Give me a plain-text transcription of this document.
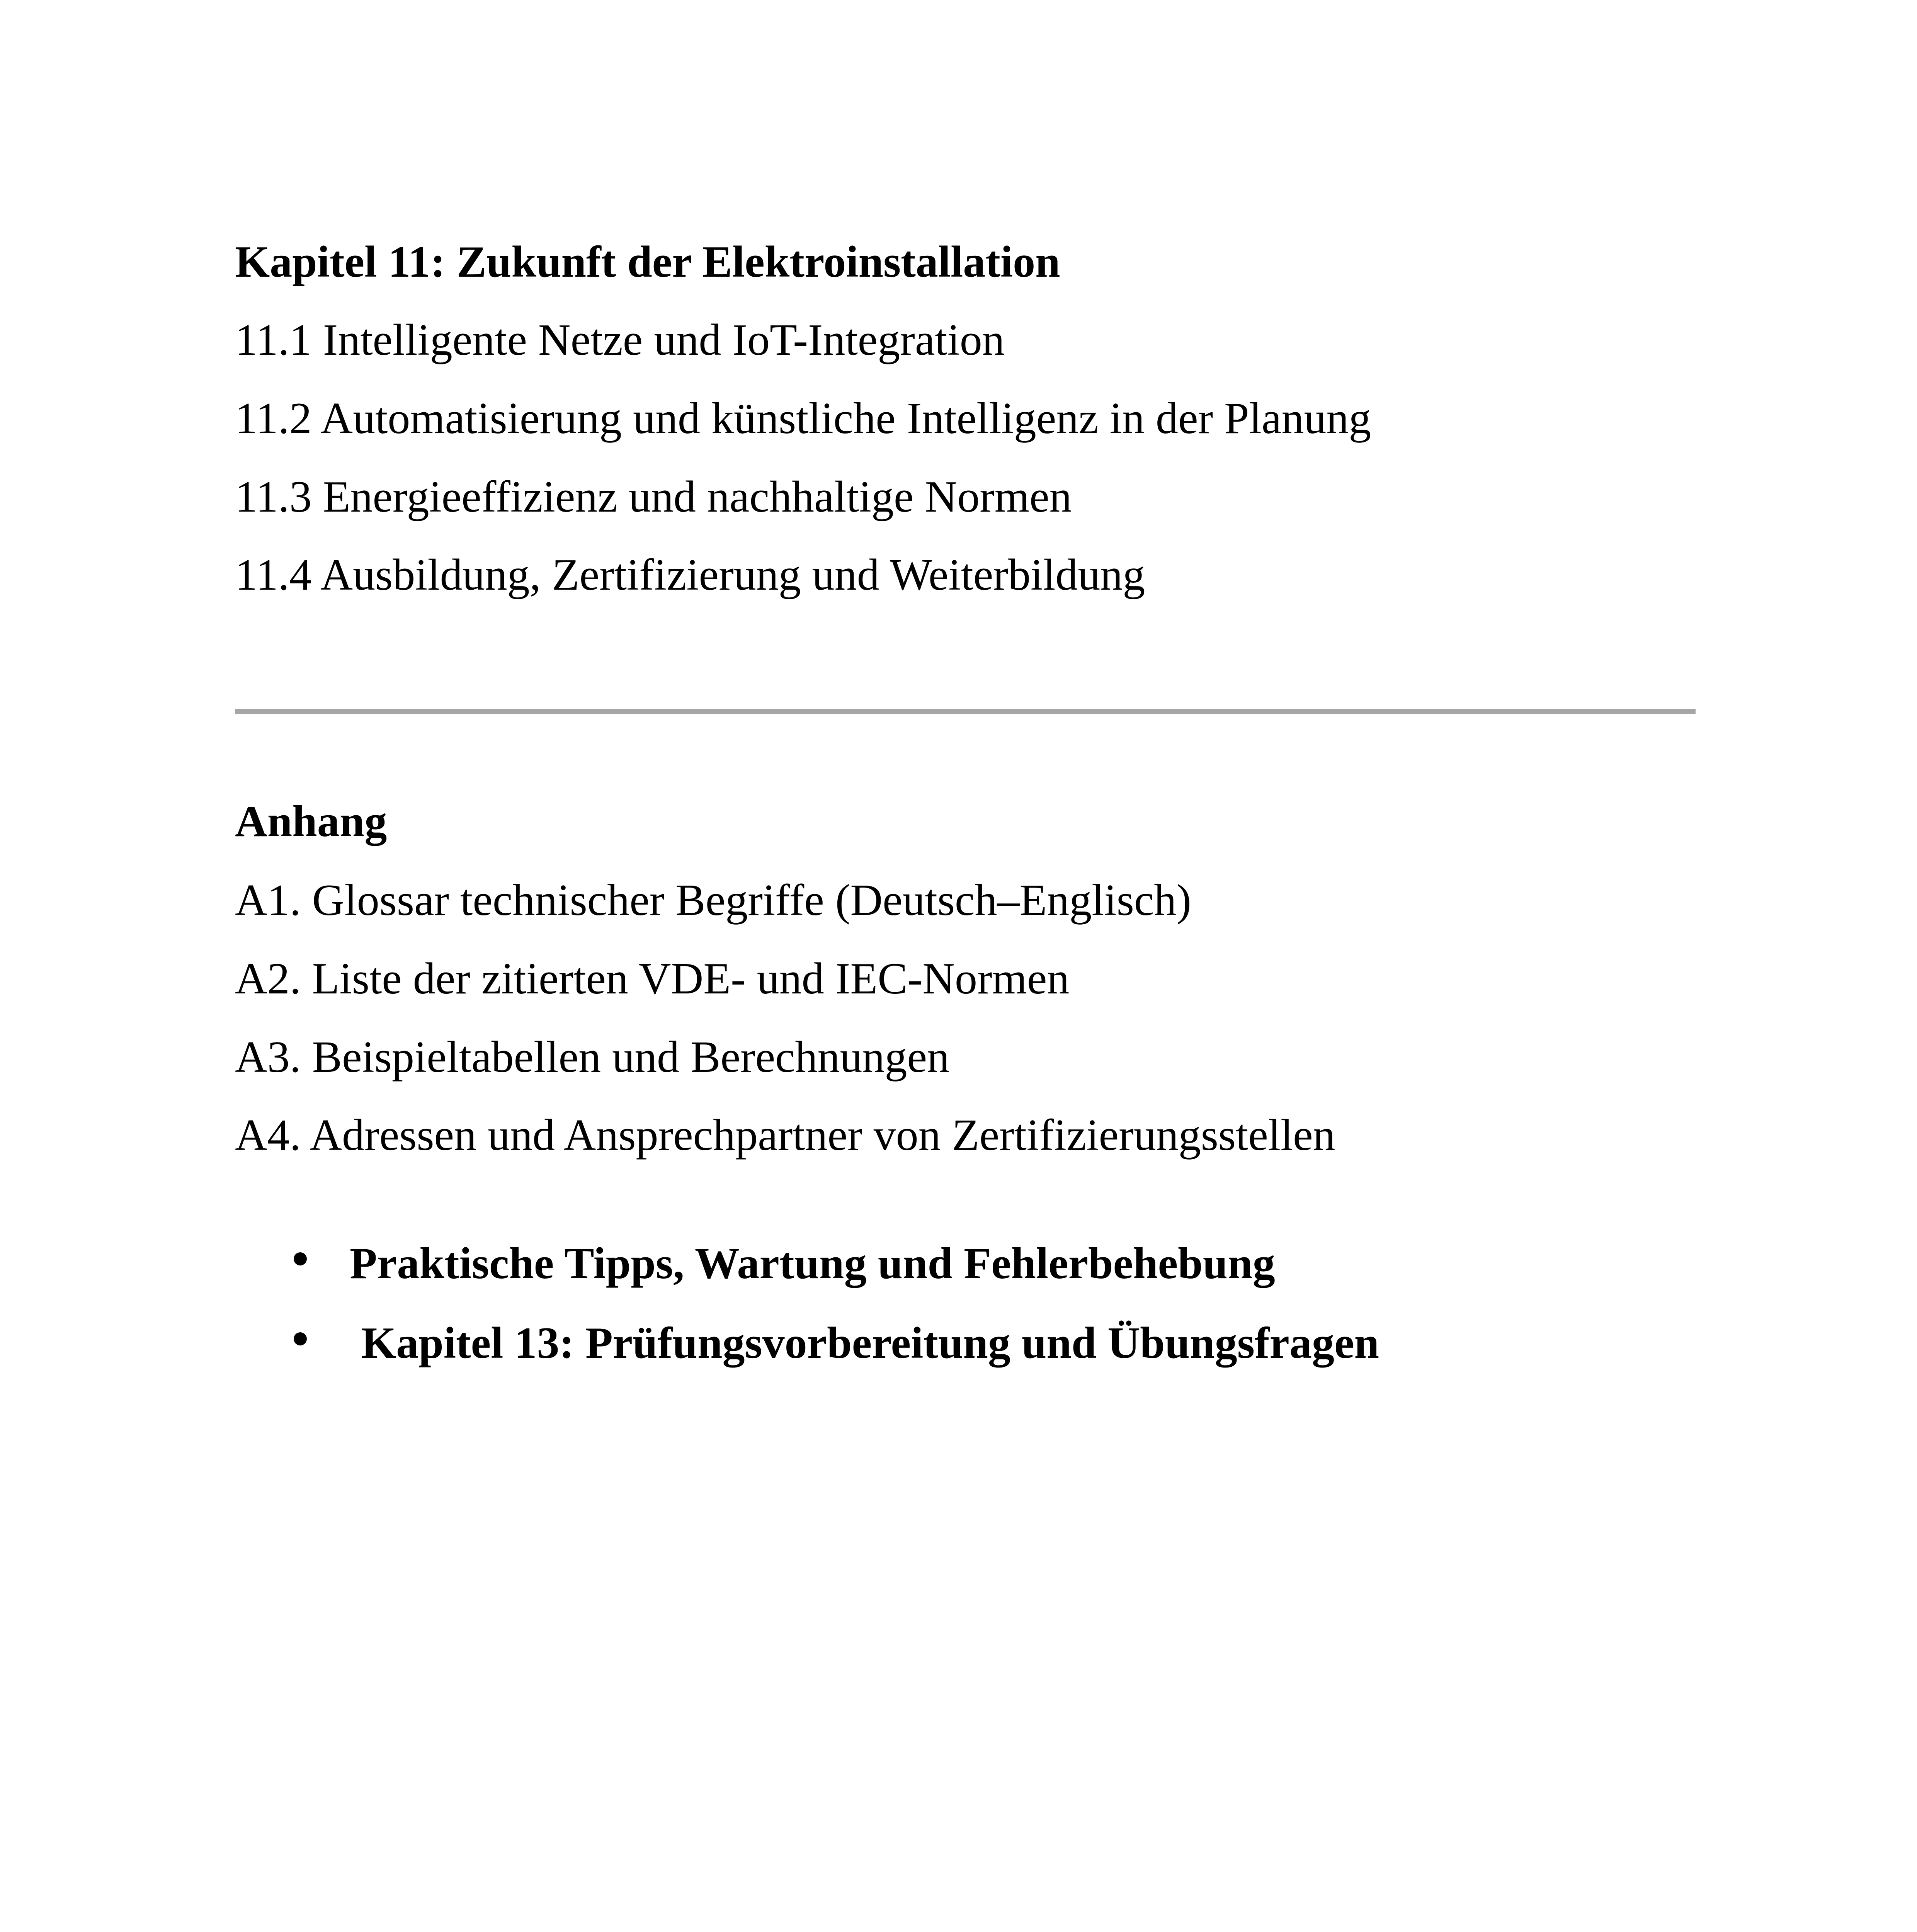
Kapitel 11: Zukunft der Elektroinstallation
11.1 Intelligente Netze und IoT-Integration
11.2 Automatisierung und künstliche Intelligenz in der Planung
11.3 Energieeffizienz und nachhaltige Normen
11.4 Ausbildung, Zertifizierung und Weiterbildung
Anhang
A1. Glossar technischer Begriffe (Deutsch–Englisch)
A2. Liste der zitierten VDE- und IEC-Normen
A3. Beispieltabellen und Berechnungen
A4. Adressen und Ansprechpartner von Zertifizierungsstellen
Praktische Tipps, Wartung und Fehlerbehebung
Kapitel 13: Prüfungsvorbereitung und Übungsfragen
